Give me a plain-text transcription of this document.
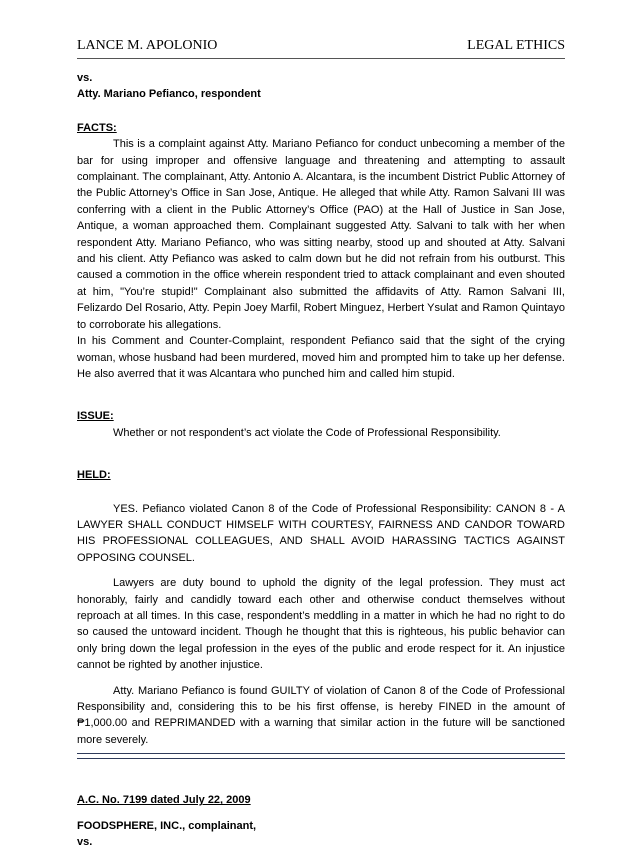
LANCE M. APOLONIO	LEGAL ETHICS

vs.

Atty. Mariano Pefianco, respondent

FACTS:

This is a complaint against Atty. Mariano Pefianco for conduct unbecoming a member of the bar for using improper and offensive language and threatening and attempting to assault complainant. The complainant, Atty. Antonio A. Alcantara, is the incumbent District Public Attorney of the Public Attorney’s Office in San Jose, Antique. He alleged that while Atty. Ramon Salvani III was conferring with a client in the Public Attorney’s Office (PAO) at the Hall of Justice in San Jose, Antique, a woman approached them. Complainant suggested Atty. Salvani to talk with her when respondent Atty. Mariano Pefianco, who was sitting nearby, stood up and shouted at Atty. Salvani and his client. Atty Pefianco was asked to calm down but he did not refrain from his outburst. This caused a commotion in the office wherein respondent tried to attack complainant and even shouted at him, "You’re stupid!" Complainant also submitted the affidavits of Atty. Ramon Salvani III, Felizardo Del Rosario, Atty. Pepin Joey Marfil, Robert Minguez, Herbert Ysulat and Ramon Quintayo to corroborate his allegations.

In his Comment and Counter-Complaint, respondent Pefianco said that the sight of the crying woman, whose husband had been murdered, moved him and prompted him to take up her defense. He also averred that it was Alcantara who punched him and called him stupid.

ISSUE:

Whether or not respondent’s act violate the Code of Professional Responsibility.

HELD:

YES. Pefianco violated Canon 8 of the Code of Professional Responsibility: CANON 8 - A LAWYER SHALL CONDUCT HIMSELF WITH COURTESY, FAIRNESS AND CANDOR TOWARD HIS PROFESSIONAL COLLEAGUES, AND SHALL AVOID HARASSING TACTICS AGAINST OPPOSING COUNSEL.

Lawyers are duty bound to uphold the dignity of the legal profession. They must act honorably, fairly and candidly toward each other and otherwise conduct themselves without reproach at all times. In this case, respondent’s meddling in a matter in which he had no right to do so caused the untoward incident. Though he thought that this is righteous, his public behavior can only bring down the legal profession in the eyes of the public and erode respect for it. An injustice cannot be righted by another injustice.

Atty. Mariano Pefianco is found GUILTY of violation of Canon 8 of the Code of Professional Responsibility and, considering this to be his first offense, is hereby FINED in the amount of ₱1,000.00 and REPRIMANDED with a warning that similar action in the future will be sanctioned more severely.

A.C. No. 7199 dated July 22, 2009

FOODSPHERE, INC., complainant,

vs.
